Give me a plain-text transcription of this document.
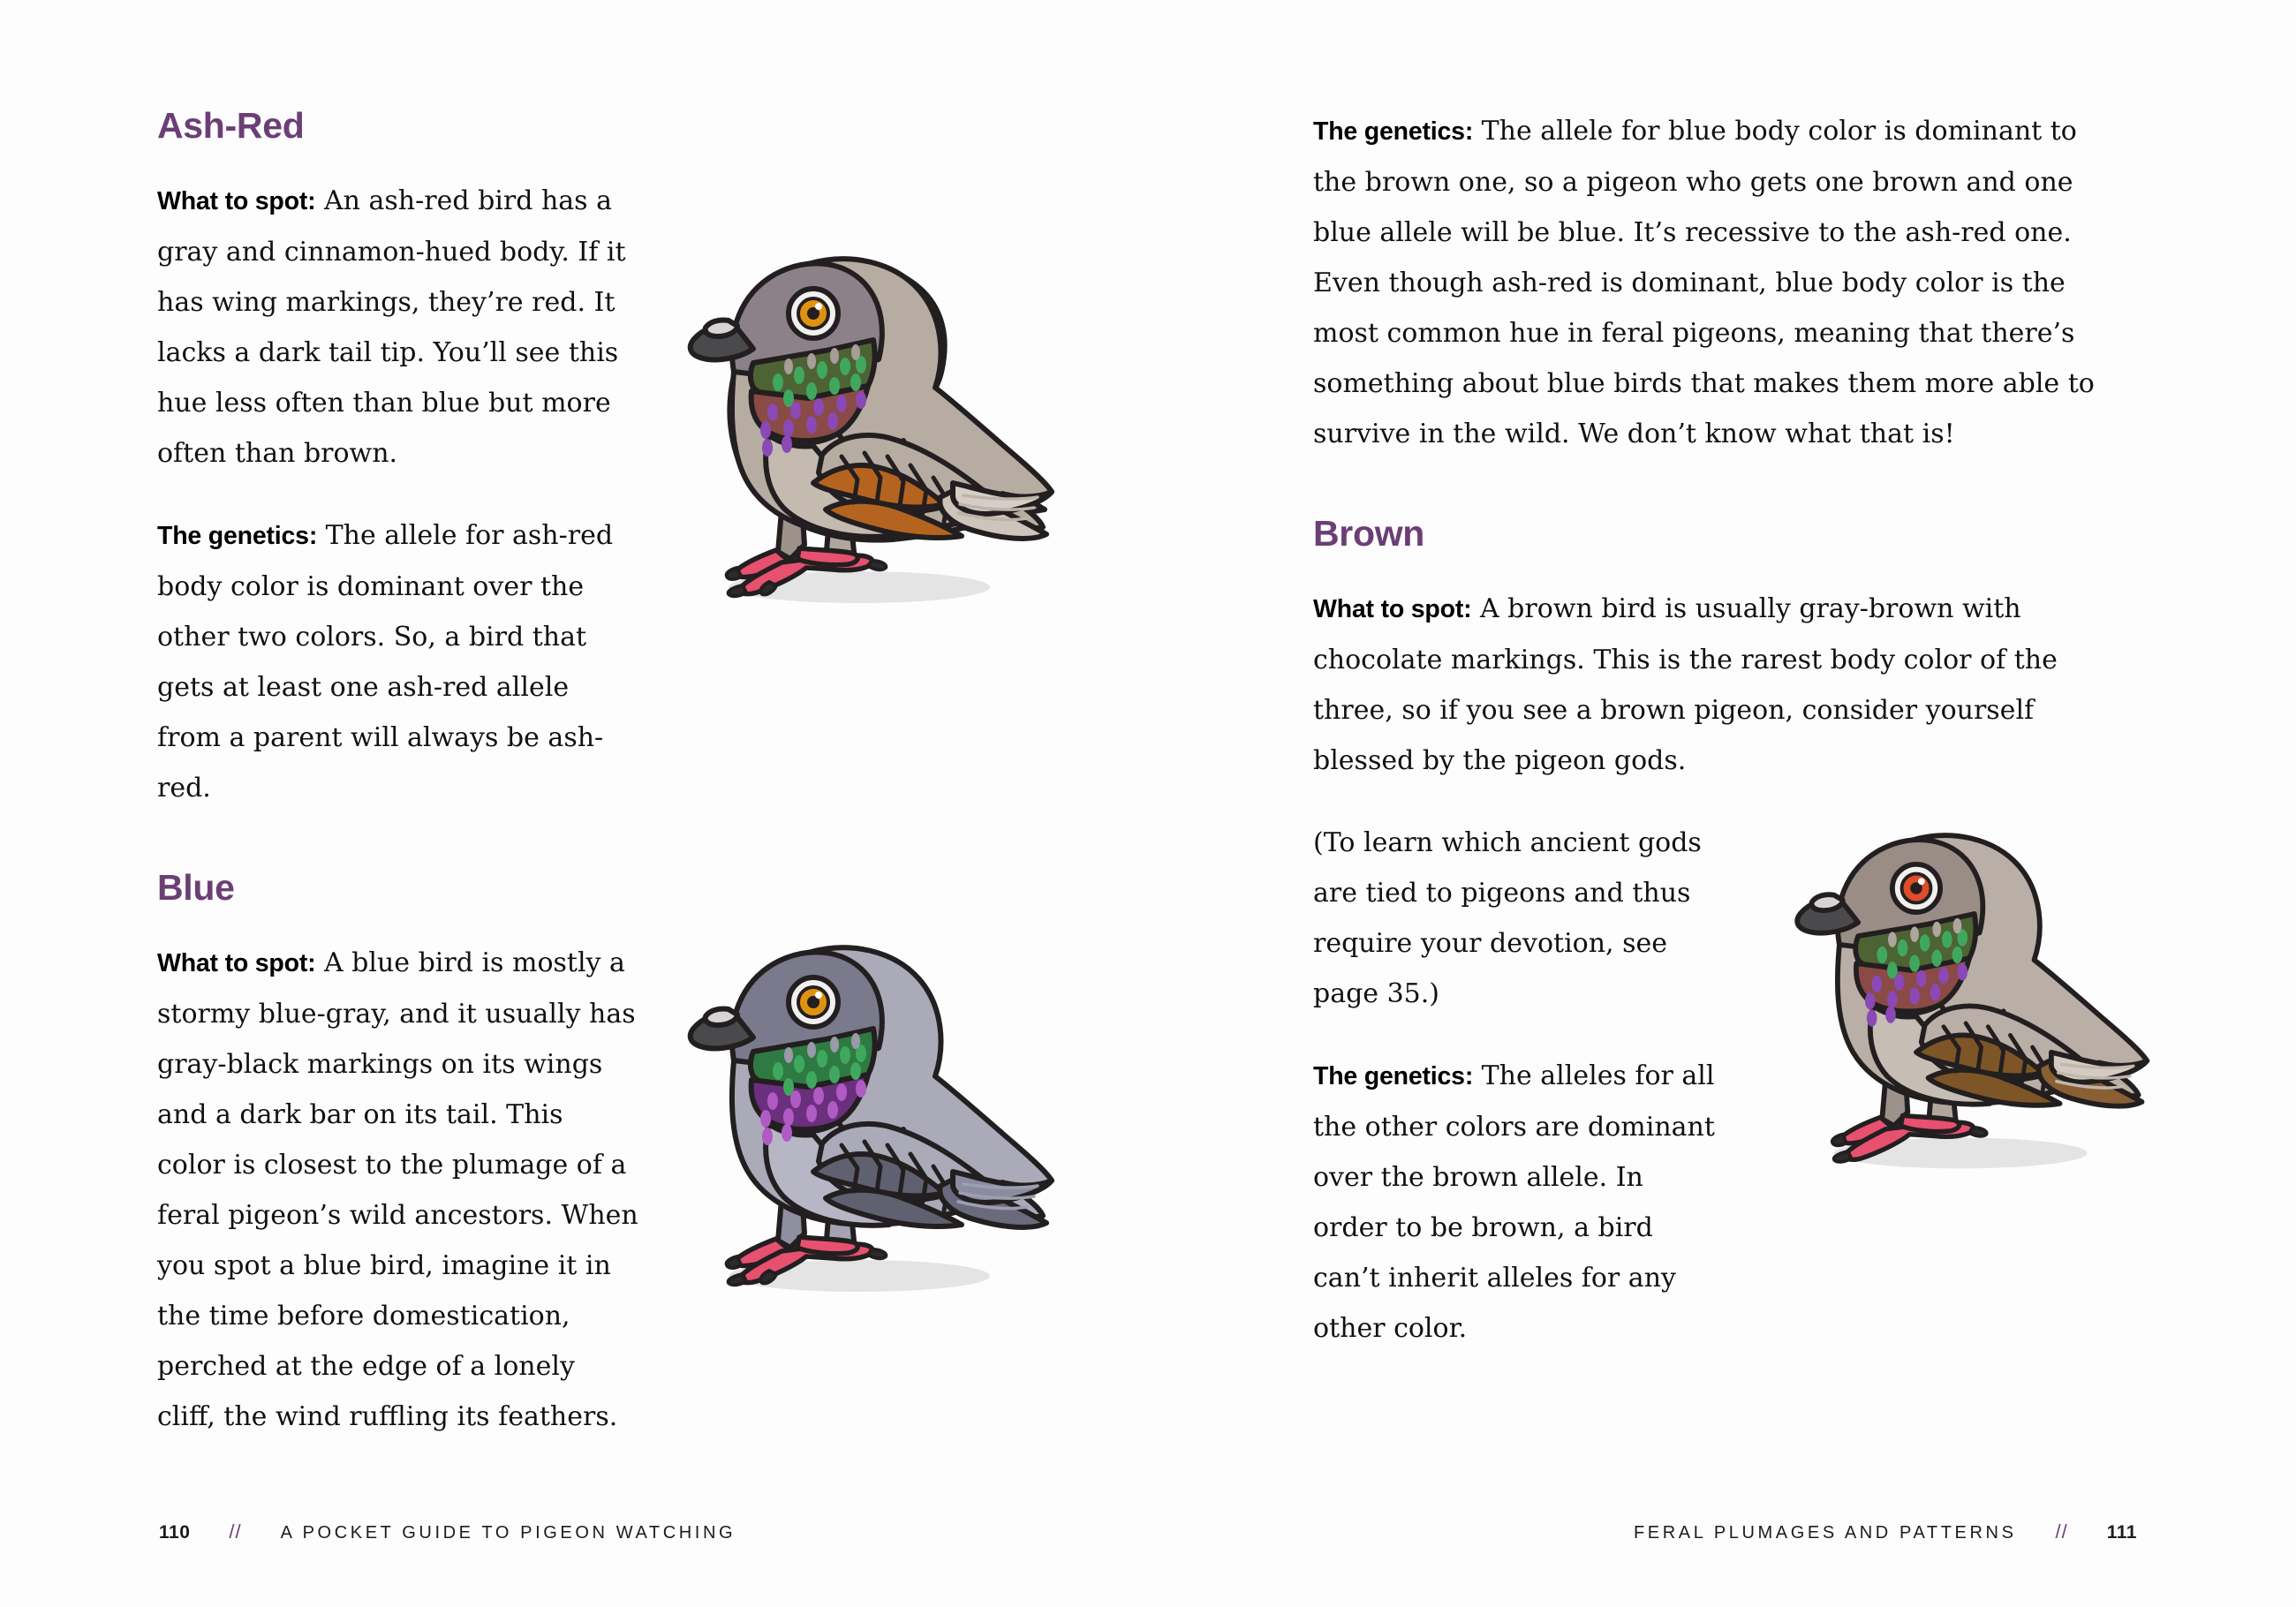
Ash-Red

What to spot: An ash-red bird has a gray and cinnamon-hued body. If it has wing markings, they’re red. It lacks a dark tail tip. You’ll see this hue less often than blue but more often than brown.

The genetics: The allele for ash-red body color is dominant over the other two colors. So, a bird that gets at least one ash-red allele from a parent will always be ash-red.

Blue

What to spot: A blue bird is mostly a stormy blue-gray, and it usually has gray-black markings on its wings and a dark bar on its tail. This color is closest to the plumage of a feral pigeon’s wild ancestors. When you spot a blue bird, imagine it in the time before domestication, perched at the edge of a lonely cliff, the wind ruffling its feathers.

The genetics: The allele for blue body color is dominant to the brown one, so a pigeon who gets one brown and one blue allele will be blue. It’s recessive to the ash-red one. Even though ash-red is dominant, blue body color is the most common hue in feral pigeons, meaning that there’s something about blue birds that makes them more able to survive in the wild. We don’t know what that is!

Brown

What to spot: A brown bird is usually gray-brown with chocolate markings. This is the rarest body color of the three, so if you see a brown pigeon, consider yourself blessed by the pigeon gods.

(To learn which ancient gods are tied to pigeons and thus require your devotion, see page 35.)

The genetics: The alleles for all the other colors are dominant over the brown allele. In order to be brown, a bird can’t inherit alleles for any other color.

110 // A POCKET GUIDE TO PIGEON WATCHING	FERAL PLUMAGES AND PATTERNS // 111
